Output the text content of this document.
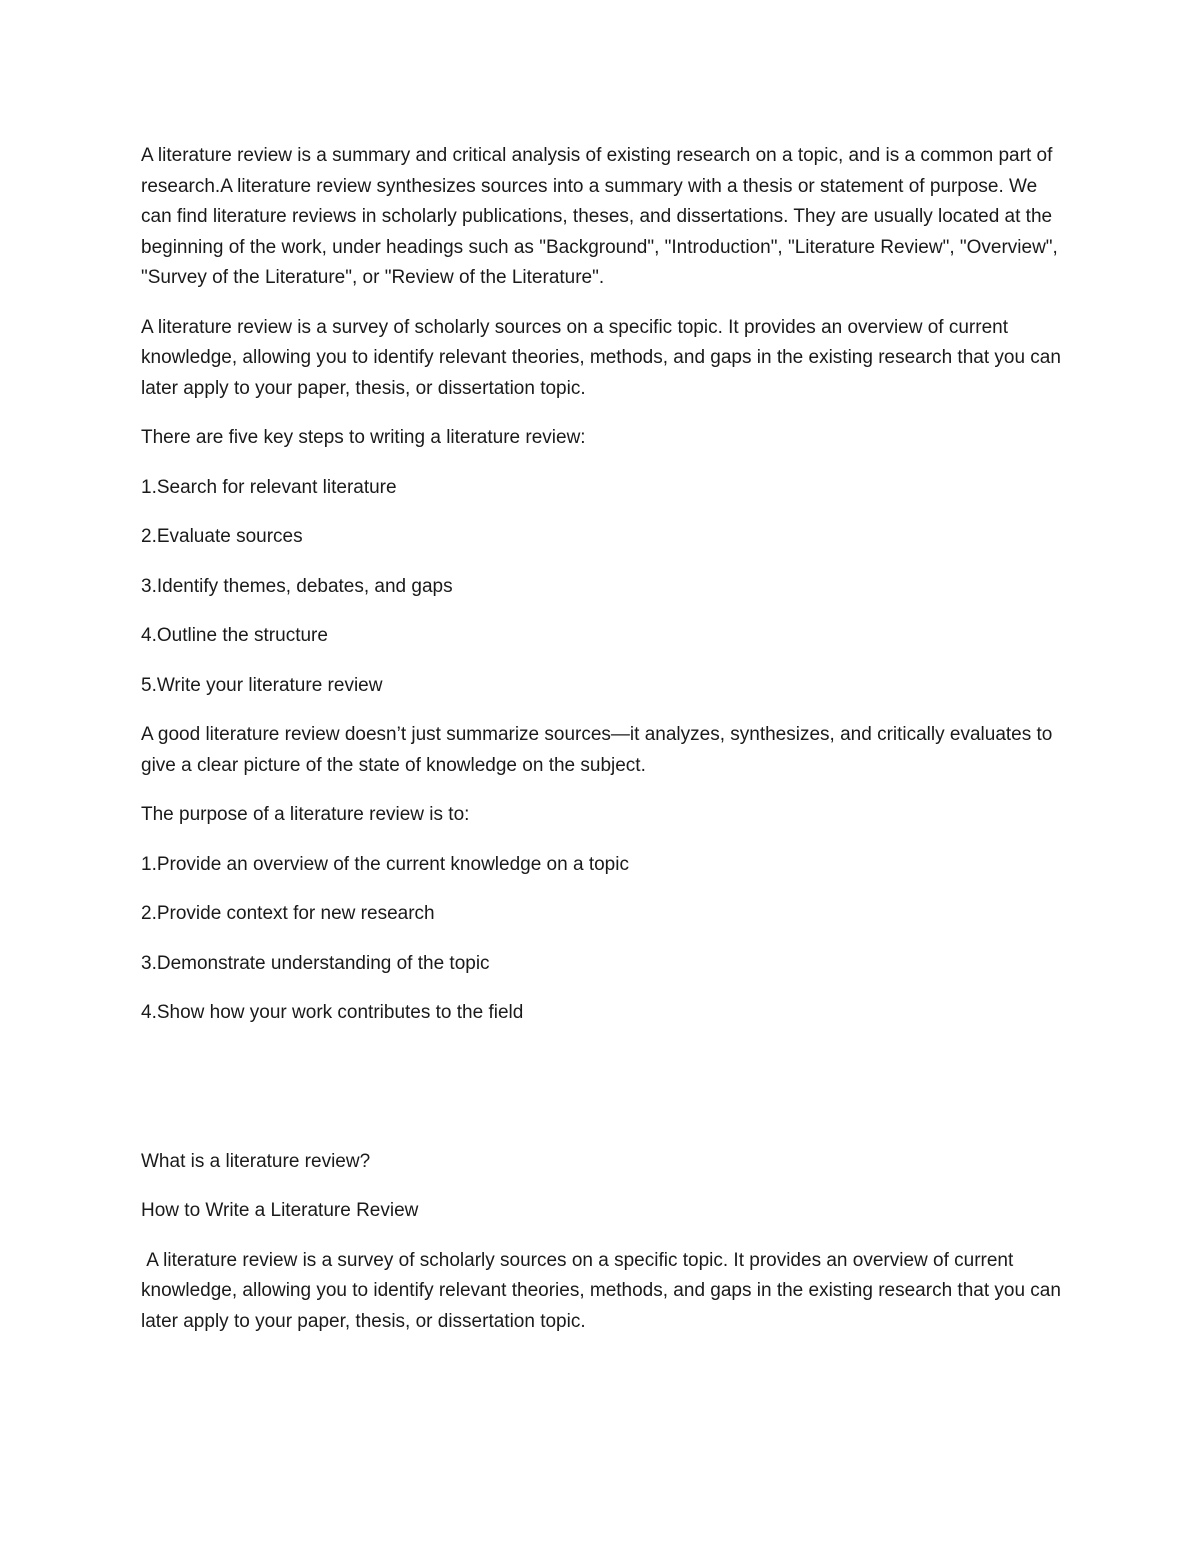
A literature review is a summary and critical analysis of existing research on a topic, and is a common part of research.A literature review synthesizes sources into a summary with a thesis or statement of purpose. We can find literature reviews in scholarly publications, theses, and dissertations. They are usually located at the beginning of the work, under headings such as "Background", "Introduction", "Literature Review", "Overview", "Survey of the Literature", or "Review of the Literature".

A literature review is a survey of scholarly sources on a specific topic. It provides an overview of current knowledge, allowing you to identify relevant theories, methods, and gaps in the existing research that you can later apply to your paper, thesis, or dissertation topic.

There are five key steps to writing a literature review:

1.Search for relevant literature

2.Evaluate sources

3.Identify themes, debates, and gaps

4.Outline the structure

5.Write your literature review

A good literature review doesn’t just summarize sources—it analyzes, synthesizes, and critically evaluates to give a clear picture of the state of knowledge on the subject.

The purpose of a literature review is to:

1.Provide an overview of the current knowledge on a topic

2.Provide context for new research

3.Demonstrate understanding of the topic

4.Show how your work contributes to the field

What is a literature review?

How to Write a Literature Review

A literature review is a survey of scholarly sources on a specific topic. It provides an overview of current knowledge, allowing you to identify relevant theories, methods, and gaps in the existing research that you can later apply to your paper, thesis, or dissertation topic.
